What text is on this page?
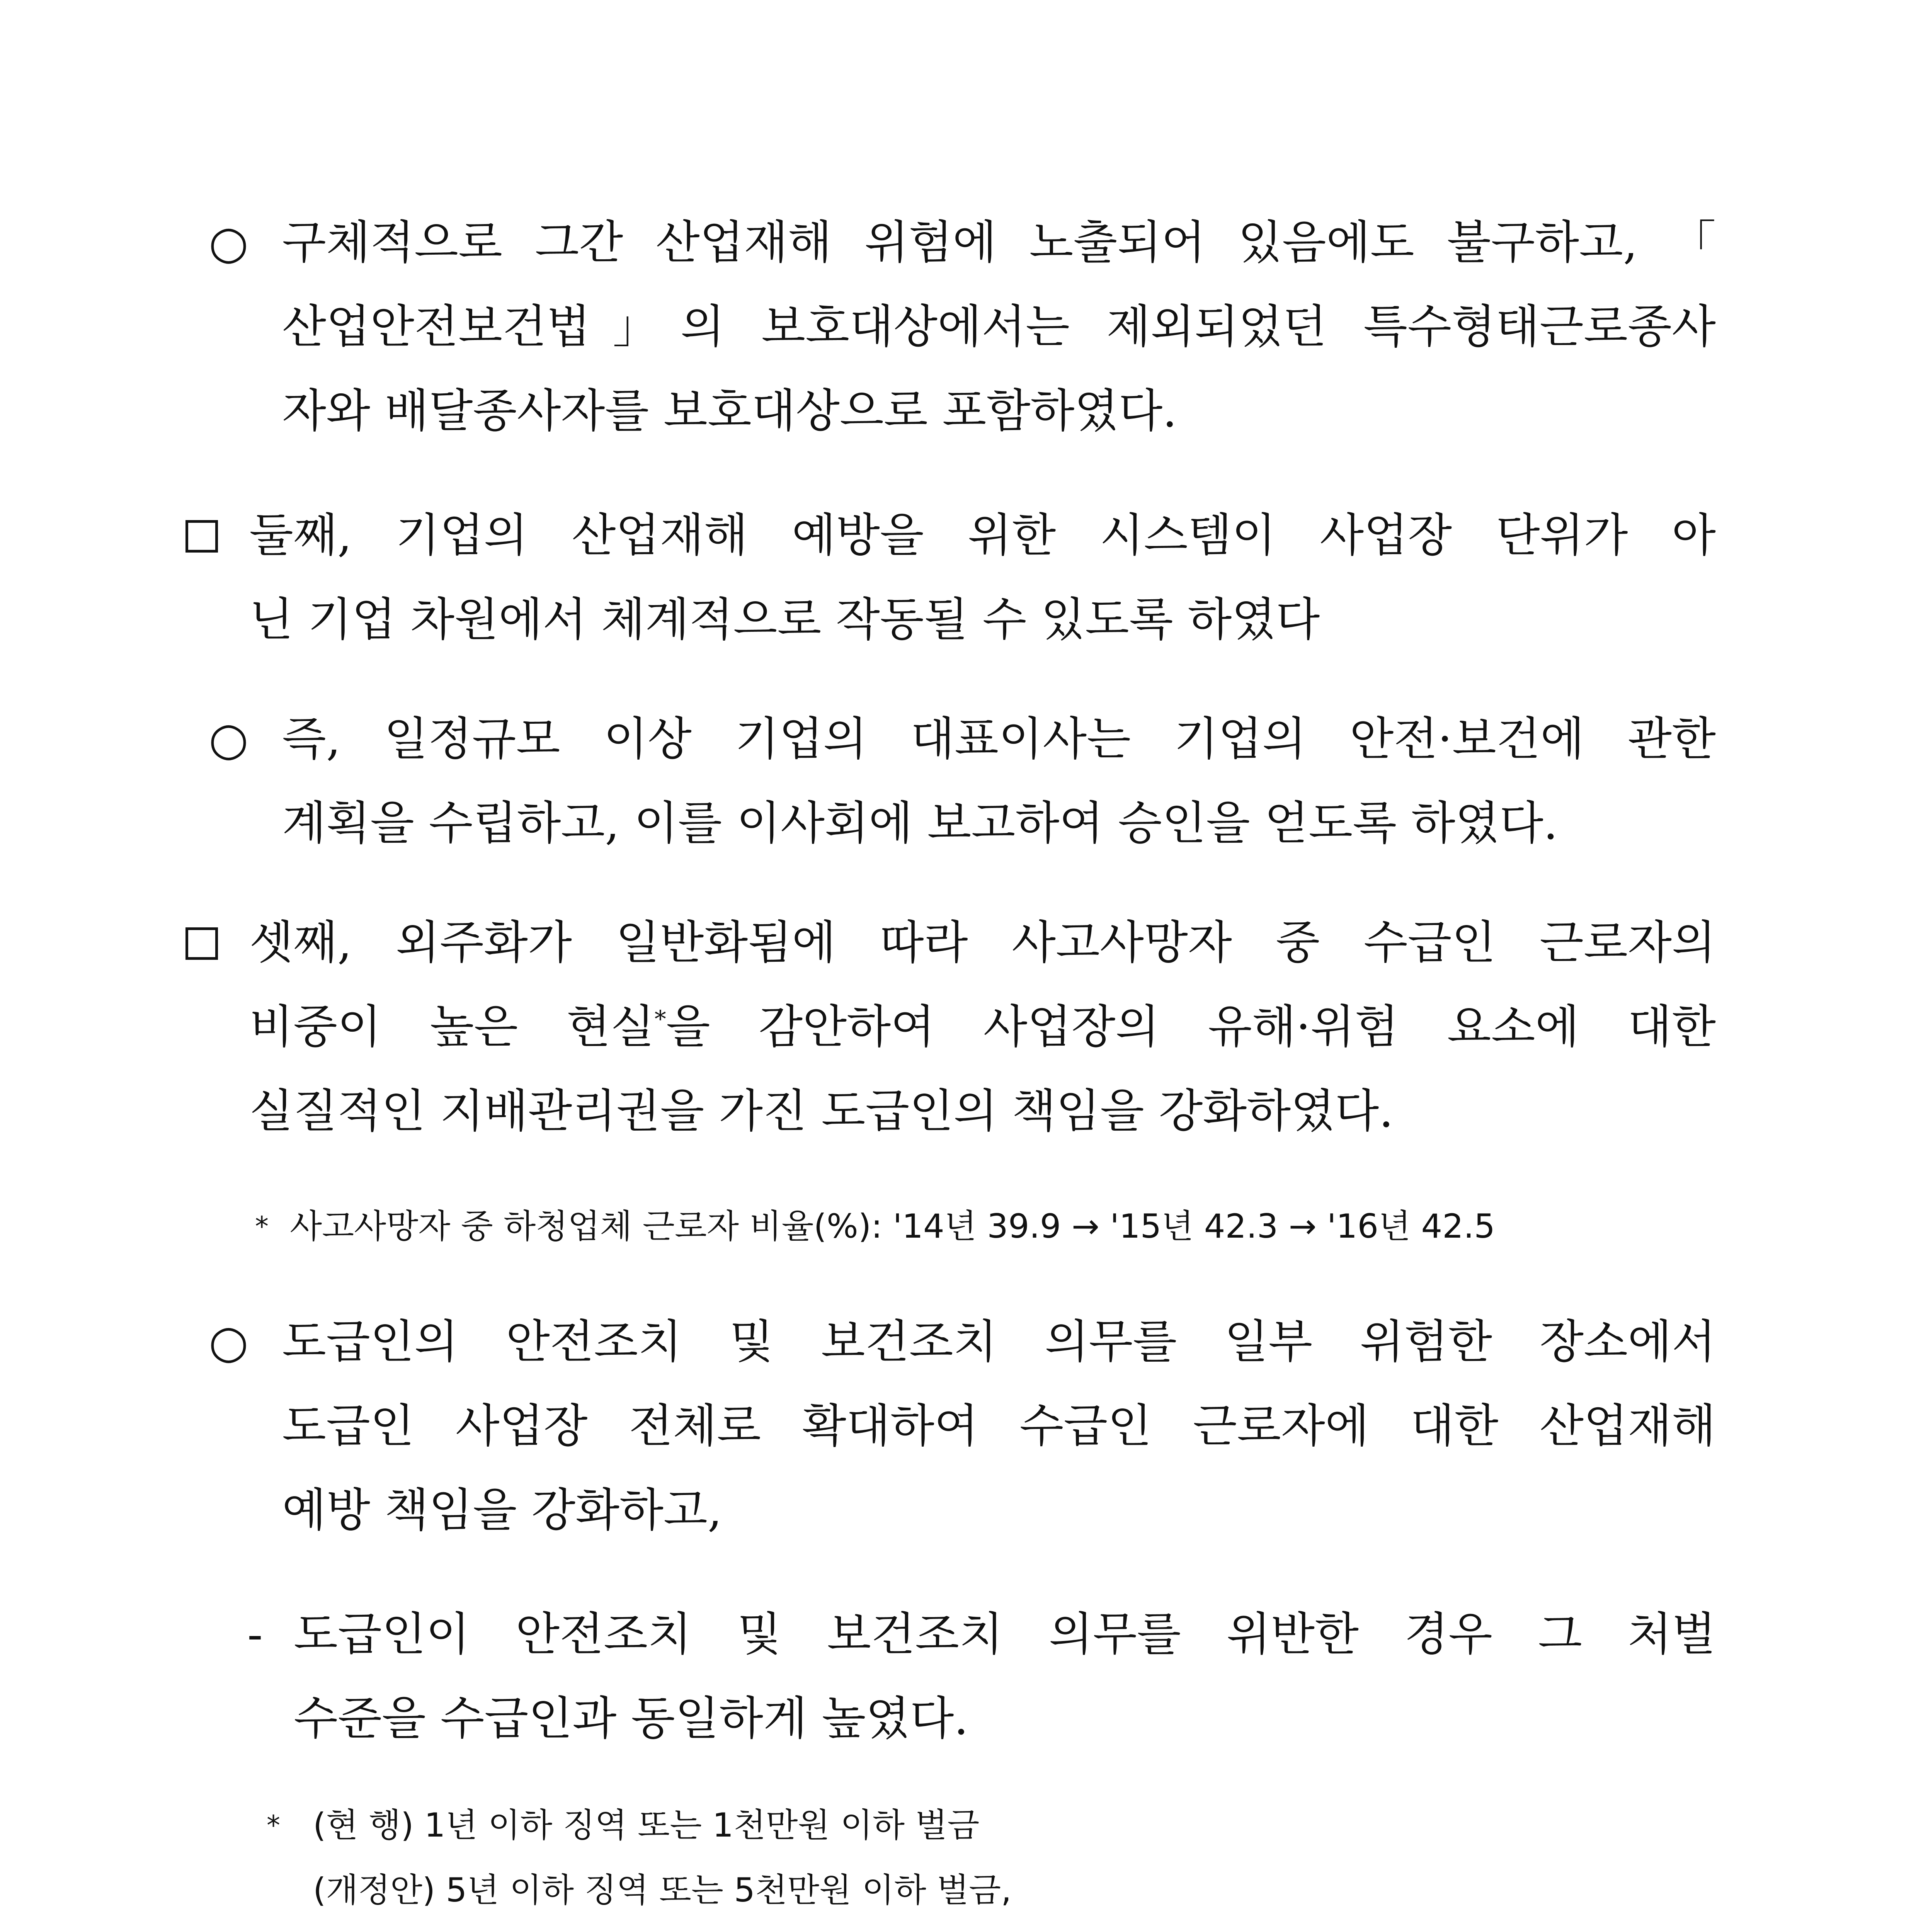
○ 구체적으로 그간 산업재해 위험에 노출되어 있음에도 불구하고, 「
산업안전보건법」의 보호대상에서는 제외되었던 특수형태근로종사
자와 배달종사자를 보호대상으로 포함하였다.
둘째, 기업의 산업재해 예방을 위한 시스템이 사업장 단위가 아
닌 기업 차원에서 체계적으로 작동될 수 있도록 하였다
○ 즉, 일정규모 이상 기업의 대표이사는 기업의 안전·보건에 관한
계획을 수립하고, 이를 이사회에 보고하여 승인을 얻도록 하였다.
셋째, 외주화가 일반화됨에 따라 사고사망자 중 수급인 근로자의
비중이 높은 현실*을 감안하여 사업장의 유해·위험 요소에 대한
실질적인 지배관리권을 가진 도급인의 책임을 강화하였다.
* 사고사망자 중 하청업체 근로자 비율(%): '14년 39.9 → '15년 42.3 → '16년 42.5
○ 도급인의 안전조치 및 보건조치 의무를 일부 위험한 장소에서
도급인 사업장 전체로 확대하여 수급인 근로자에 대한 산업재해
예방 책임을 강화하고,
- 도급인이 안전조치 및 보건조치 의무를 위반한 경우 그 처벌
수준을 수급인과 동일하게 높였다.
* (현 행) 1년 이하 징역 또는 1천만원 이하 벌금
(개정안) 5년 이하 징역 또는 5천만원 이하 벌금,
